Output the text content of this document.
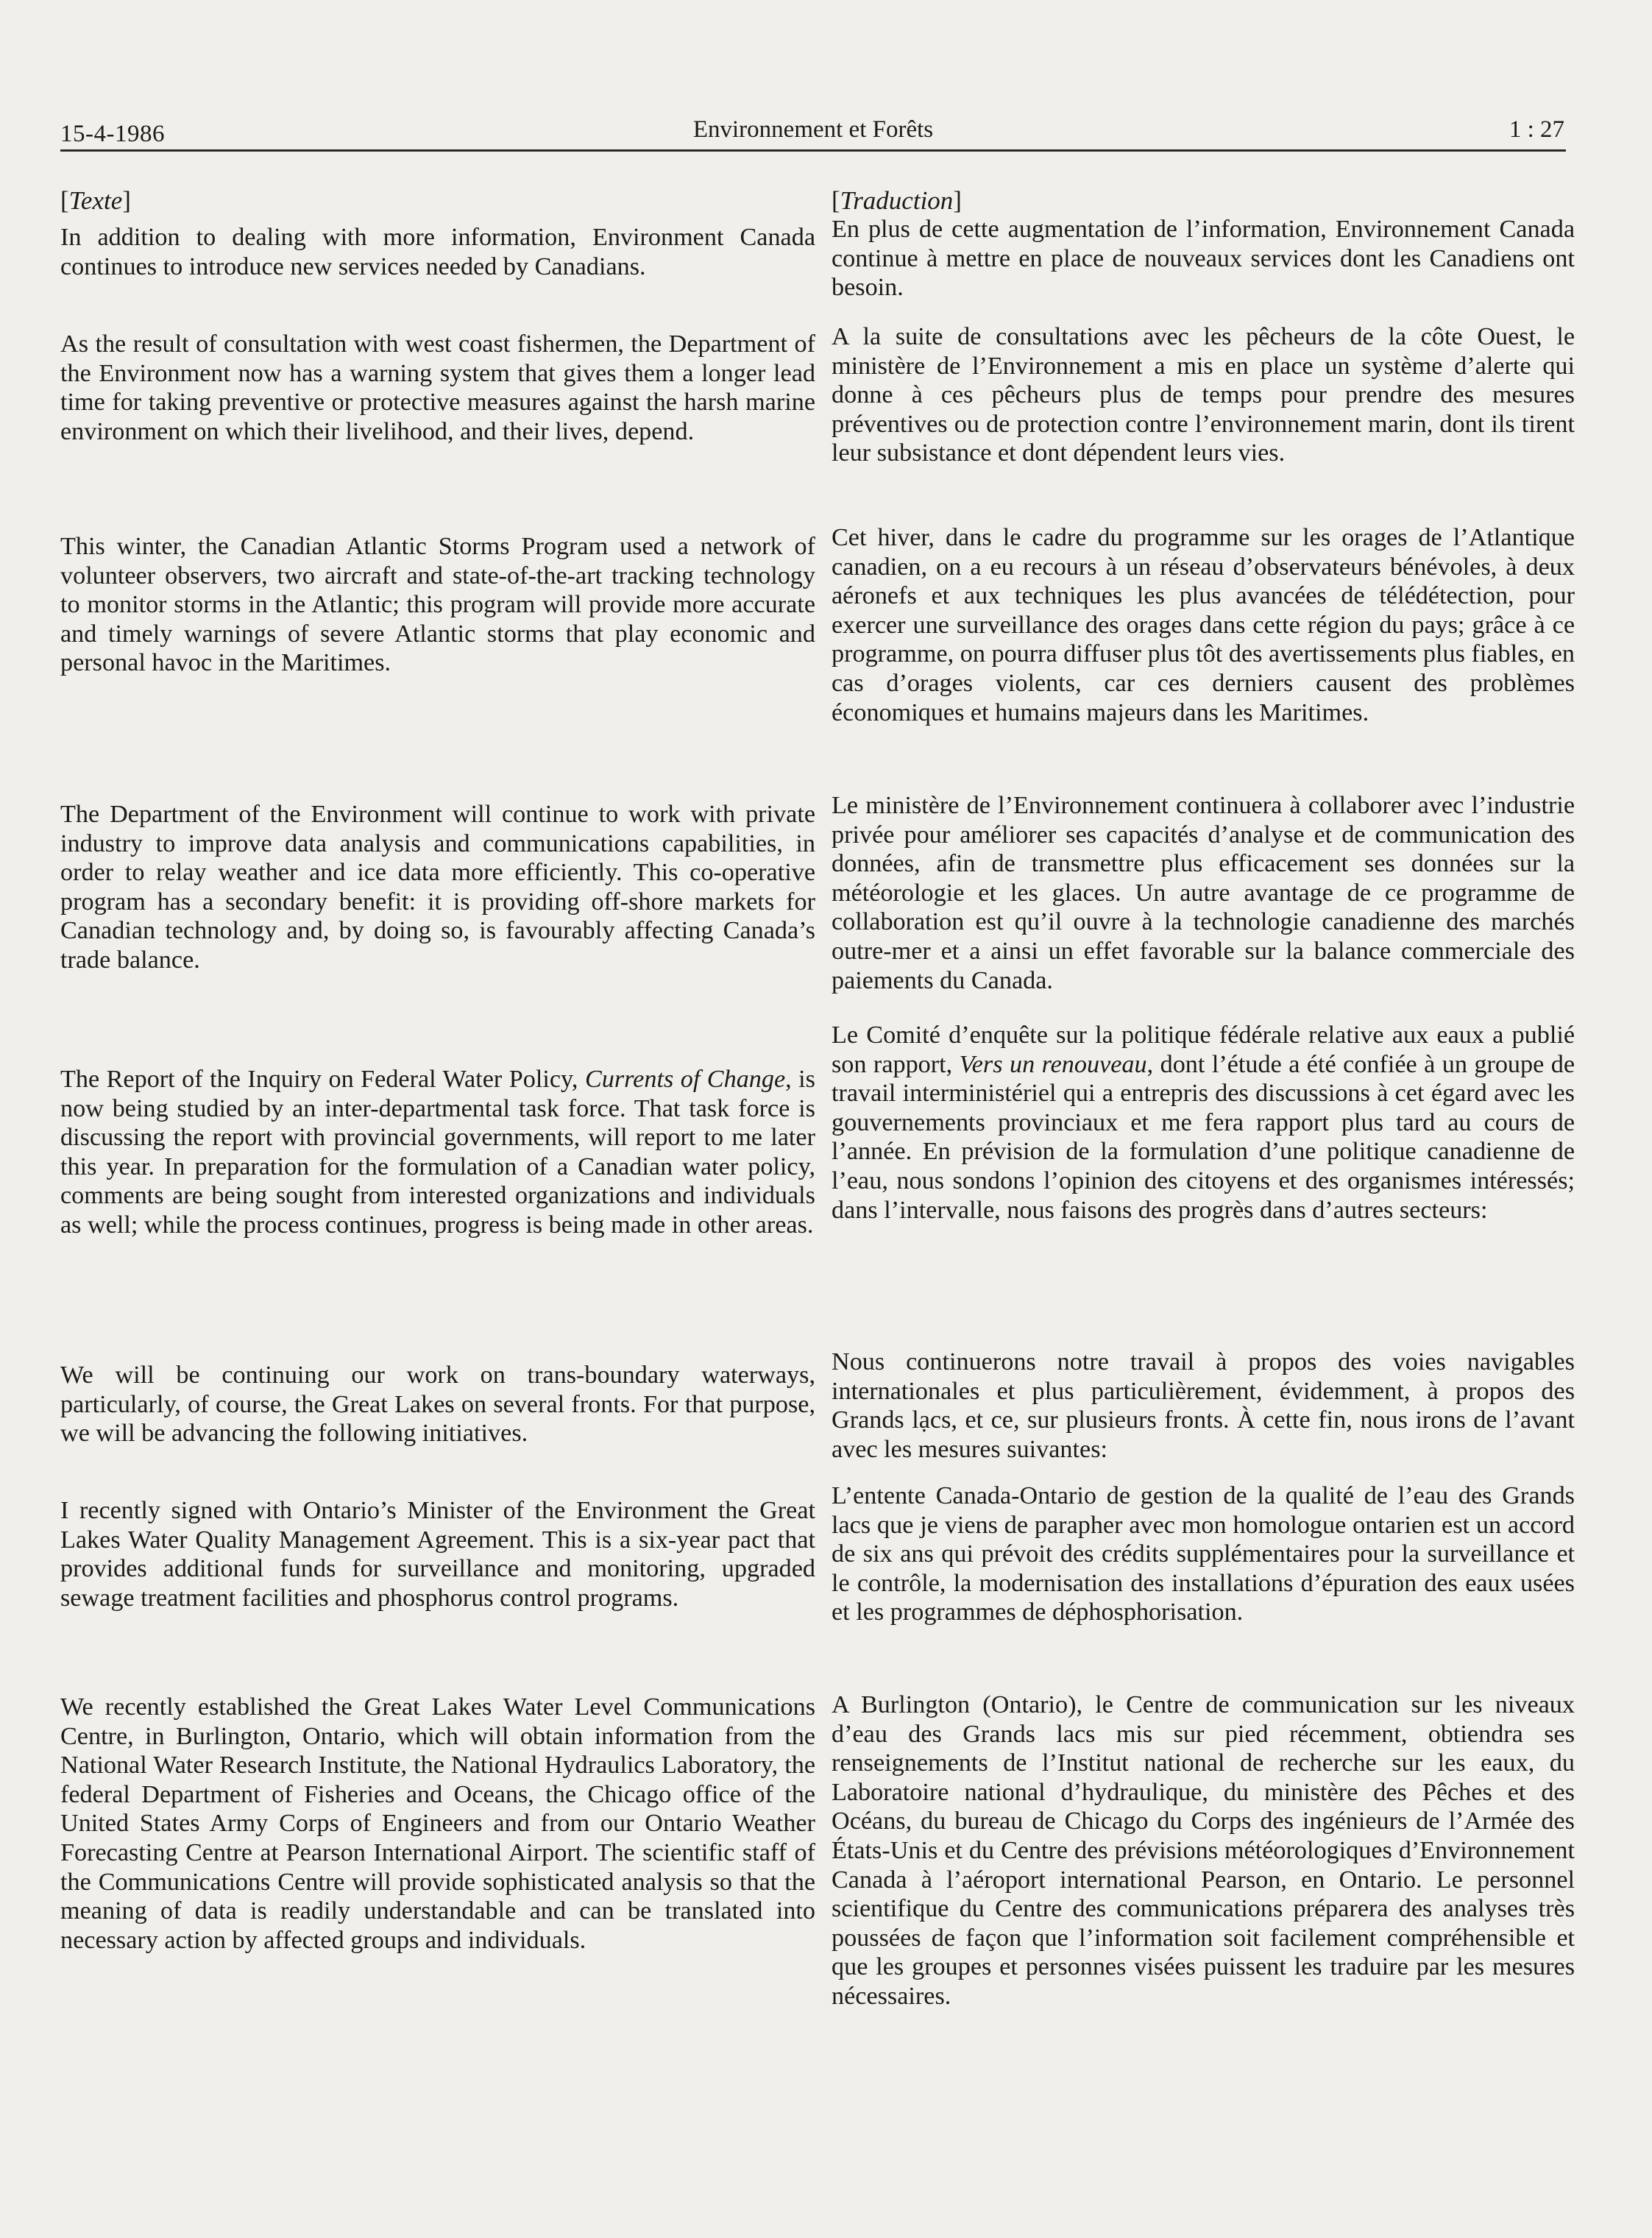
15-4-1986	Environnement et Forêts	1 : 27
[Texte]

In addition to dealing with more information, Environment Canada continues to introduce new services needed by Canadians.

As the result of consultation with west coast fishermen, the Department of the Environment now has a warning system that gives them a longer lead time for taking preventive or protective measures against the harsh marine environment on which their livelihood, and their lives, depend.

This winter, the Canadian Atlantic Storms Program used a network of volunteer observers, two aircraft and state-of-the-art tracking technology to monitor storms in the Atlantic; this program will provide more accurate and timely warnings of severe Atlantic storms that play economic and personal havoc in the Maritimes.

The Department of the Environment will continue to work with private industry to improve data analysis and communications capabilities, in order to relay weather and ice data more efficiently. This co-operative program has a secondary benefit: it is providing off-shore markets for Canadian technology and, by doing so, is favourably affecting Canada’s trade balance.

The Report of the Inquiry on Federal Water Policy, Currents of Change, is now being studied by an inter-departmental task force. That task force is discussing the report with provincial governments, will report to me later this year. In preparation for the formulation of a Canadian water policy, comments are being sought from interested organizations and individuals as well; while the process continues, progress is being made in other areas.

We will be continuing our work on trans-boundary waterways, particularly, of course, the Great Lakes on several fronts. For that purpose, we will be advancing the following initiatives.

I recently signed with Ontario’s Minister of the Environment the Great Lakes Water Quality Management Agreement. This is a six-year pact that provides additional funds for surveillance and monitoring, upgraded sewage treatment facilities and phosphorus control programs.

We recently established the Great Lakes Water Level Communications Centre, in Burlington, Ontario, which will obtain information from the National Water Research Institute, the National Hydraulics Laboratory, the federal Department of Fisheries and Oceans, the Chicago office of the United States Army Corps of Engineers and from our Ontario Weather Forecasting Centre at Pearson International Airport. The scientific staff of the Communications Centre will provide sophisticated analysis so that the meaning of data is readily understandable and can be translated into necessary action by affected groups and individuals.

[Traduction]

En plus de cette augmentation de l’information, Environnement Canada continue à mettre en place de nouveaux services dont les Canadiens ont besoin.

A la suite de consultations avec les pêcheurs de la côte Ouest, le ministère de l’Environnement a mis en place un système d’alerte qui donne à ces pêcheurs plus de temps pour prendre des mesures préventives ou de protection contre l’environnement marin, dont ils tirent leur subsistance et dont dépendent leurs vies.

Cet hiver, dans le cadre du programme sur les orages de l’Atlantique canadien, on a eu recours à un réseau d’observateurs bénévoles, à deux aéronefs et aux techniques les plus avancées de télédétection, pour exercer une surveillance des orages dans cette région du pays; grâce à ce programme, on pourra diffuser plus tôt des avertissements plus fiables, en cas d’orages violents, car ces derniers causent des problèmes économiques et humains majeurs dans les Maritimes.

Le ministère de l’Environnement continuera à collaborer avec l’industrie privée pour améliorer ses capacités d’analyse et de communication des données, afin de transmettre plus efficacement ses données sur la météorologie et les glaces. Un autre avantage de ce programme de collaboration est qu’il ouvre à la technologie canadienne des marchés outre-mer et a ainsi un effet favorable sur la balance commerciale des paiements du Canada.

Le Comité d’enquête sur la politique fédérale relative aux eaux a publié son rapport, Vers un renouveau, dont l’étude a été confiée à un groupe de travail interministériel qui a entrepris des discussions à cet égard avec les gouvernements provinciaux et me fera rapport plus tard au cours de l’année. En prévision de la formulation d’une politique canadienne de l’eau, nous sondons l’opinion des citoyens et des organismes intéressés; dans l’intervalle, nous faisons des progrès dans d’autres secteurs:

Nous continuerons notre travail à propos des voies navigables internationales et plus particulièrement, évidemment, à propos des Grands lạcs, et ce, sur plusieurs fronts. À cette fin, nous irons de l’avant avec les mesures suivantes:

L’entente Canada-Ontario de gestion de la qualité de l’eau des Grands lacs que je viens de parapher avec mon homologue ontarien est un accord de six ans qui prévoit des crédits supplémentaires pour la surveillance et le contrôle, la modernisation des installations d’épuration des eaux usées et les programmes de déphosphorisation.

A Burlington (Ontario), le Centre de communication sur les niveaux d’eau des Grands lacs mis sur pied récemment, obtiendra ses renseignements de l’Institut national de recherche sur les eaux, du Laboratoire national d’hydraulique, du ministère des Pêches et des Océans, du bureau de Chicago du Corps des ingénieurs de l’Armée des États-Unis et du Centre des prévisions météorologiques d’Environnement Canada à l’aéroport international Pearson, en Ontario. Le personnel scientifique du Centre des communications préparera des analyses très poussées de façon que l’information soit facilement compréhensible et que les groupes et personnes visées puissent les traduire par les mesures nécessaires.
